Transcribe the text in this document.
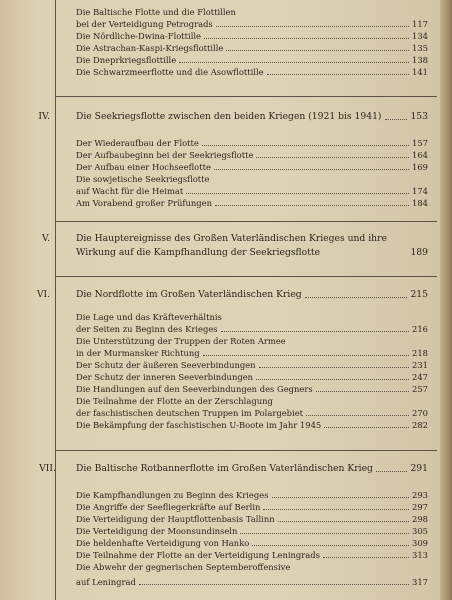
Die Baltische Flotte und die Flottillen
bei der Verteidigung Petrograds	117
Die Nördliche-Dwina-Flottille	134
Die Astrachan-Kaspi-Kriegsflottille	135
Die Dneprkriegsflottille	138
Die Schwarzmeerflotte und die Asowflottille	141
IV.	Die Seekriegsflotte zwischen den beiden Kriegen (1921 bis 1941)	153
Der Wiederaufbau der Flotte	157
Der Aufbaubeginn bei der Seekriegsflotte	164
Der Aufbau einer Hochseeflotte	169
Die sowjetische Seekriegsflotte
auf Wacht für die Heimat	174
Am Vorabend großer Prüfungen	184
V.	Die Hauptereignisse des Großen Vaterländischen Krieges und ihre
Wirkung auf die Kampfhandlung der Seekriegsflotte	189
VI.	Die Nordflotte im Großen Vaterländischen Krieg	215
Die Lage und das Kräfteverhältnis
der Seiten zu Beginn des Krieges	216
Die Unterstützung der Truppen der Roten Armee
in der Murmansker Richtung	218
Der Schutz der äußeren Seeverbindungen	231
Der Schutz der inneren Seeverbindungen	247
Die Handlungen auf den Seeverbindungen des Gegners	257
Die Teilnahme der Flotte an der Zerschlagung
der faschistischen deutschen Truppen im Polargebiet	270
Die Bekämpfung der faschistischen U-Boote im Jahr 1945	282
VII. Die Baltische Rotbannerflotte im Großen Vaterländischen Krieg	291
Die Kampfhandlungen zu Beginn des Krieges	293
Die Angriffe der Seefliegerkräfte auf Berlin	297
Die Verteidigung der Hauptflottenbasis Tallinn	298
Die Verteidigung der Moonsundinseln	305
Die heldenhafte Verteidigung von Hanko	309
Die Teilnahme der Flotte an der Verteidigung Leningrads	313
Die Abwehr der gegnerischen Septemberoffensive
auf Leningrad	317
